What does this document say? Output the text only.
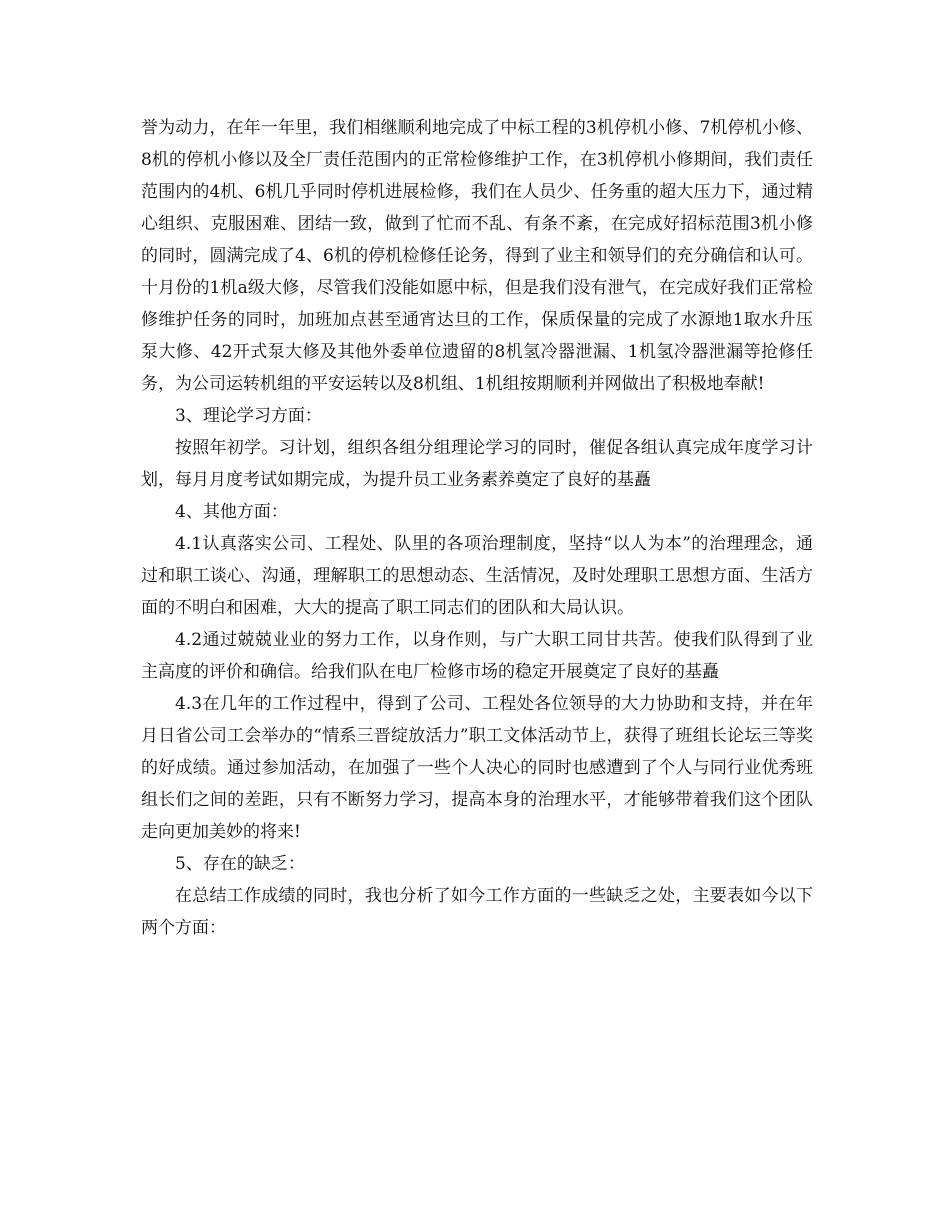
誉为动力，在年一年里，我们相继顺利地完成了中标工程的3机停机小修、7机停机小修、8机的停机小修以及全厂责任范围内的正常检修维护工作，在3机停机小修期间，我们责任范围内的4机、6机几乎同时停机进展检修，我们在人员少、任务重的超大压力下，通过精心组织、克服困难、团结一致，做到了忙而不乱、有条不紊，在完成好招标范围3机小修的同时，圆满完成了4、6机的停机检修任论务，得到了业主和领导们的充分确信和认可。十月份的1机a级大修，尽管我们没能如愿中标，但是我们没有泄气，在完成好我们正常检修维护任务的同时，加班加点甚至通宵达旦的工作，保质保量的完成了水源地1取水升压泵大修、42开式泵大修及其他外委单位遗留的8机氢冷器泄漏、1机氢冷器泄漏等抢修任务，为公司运转机组的平安运转以及8机组、1机组按期顺利并网做出了积极地奉献!

3、理论学习方面：

按照年初学。习计划，组织各组分组理论学习的同时，催促各组认真完成年度学习计划，每月月度考试如期完成，为提升员工业务素养奠定了良好的基矗

4、其他方面：

4.1认真落实公司、工程处、队里的各项治理制度，坚持“以人为本”的治理理念，通过和职工谈心、沟通，理解职工的思想动态、生活情况，及时处理职工思想方面、生活方面的不明白和困难，大大的提高了职工同志们的团队和大局认识。

4.2通过兢兢业业的努力工作，以身作则，与广大职工同甘共苦。使我们队得到了业主高度的评价和确信。给我们队在电厂检修市场的稳定开展奠定了良好的基矗

4.3在几年的工作过程中，得到了公司、工程处各位领导的大力协助和支持，并在年月日省公司工会举办的“情系三晋绽放活力”职工文体活动节上，获得了班组长论坛三等奖的好成绩。通过参加活动，在加强了一些个人决心的同时也感遭到了个人与同行业优秀班组长们之间的差距，只有不断努力学习，提高本身的治理水平，才能够带着我们这个团队走向更加美妙的将来!

5、存在的缺乏：

在总结工作成绩的同时，我也分析了如今工作方面的一些缺乏之处，主要表如今以下两个方面：
